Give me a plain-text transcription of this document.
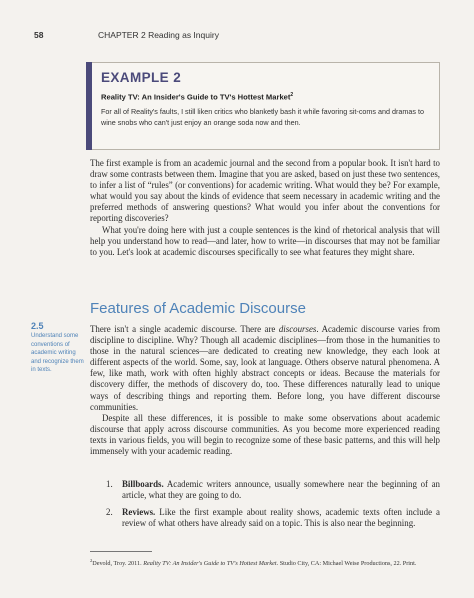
58	CHAPTER 2 Reading as Inquiry
EXAMPLE 2
Reality TV: An Insider's Guide to TV's Hottest Market$^2$
For all of Reality's faults, I still liken critics who blanketly bash it while favoring sit-coms and dramas to wine snobs who can't just enjoy an orange soda now and then.

The first example is from an academic journal and the second from a popular book. It isn't hard to draw some contrasts between them. Imagine that you are asked, based on just these two sentences, to infer a list of “rules” (or conventions) for academic writing. What would they be? For example, what would you say about the kinds of evidence that seem necessary in academic writing and the preferred methods of answering questions? What would you infer about the conventions for reporting discoveries?

What you're doing here with just a couple sentences is the kind of rhetorical analysis that will help you understand how to read—and later, how to write—in discourses that may not be familiar to you. Let's look at academic discourses specifically to see what features they might share.

Features of Academic Discourse
2.5
Understand some conventions of academic writing and recognize them in texts.

There isn't a single academic discourse. There are discourses. Academic discourse varies from discipline to discipline. Why? Though all academic disciplines—from those in the humanities to those in the natural sciences—are dedicated to creating new knowledge, they each look at different aspects of the world. Some, say, look at language. Others observe natural phenomena. A few, like math, work with often highly abstract concepts or ideas. Because the materials for discovery differ, the methods of discovery do, too. These differences naturally lead to unique ways of describing things and reporting them. Before long, you have different discourse communities.

Despite all these differences, it is possible to make some observations about academic discourse that apply across discourse communities. As you become more experienced reading texts in various fields, you will begin to recognize some of these basic patterns, and this will help immensely with your academic reading.

1. Billboards. Academic writers announce, usually somewhere near the beginning of an article, what they are going to do.
2. Reviews. Like the first example about reality shows, academic texts often include a review of what others have already said on a topic. This is also near the beginning.
$^2$Devold, Troy. 2011. Reality TV: An Insider's Guide to TV's Hottest Market. Studio City, CA: Michael Weise Productions, 22. Print.
